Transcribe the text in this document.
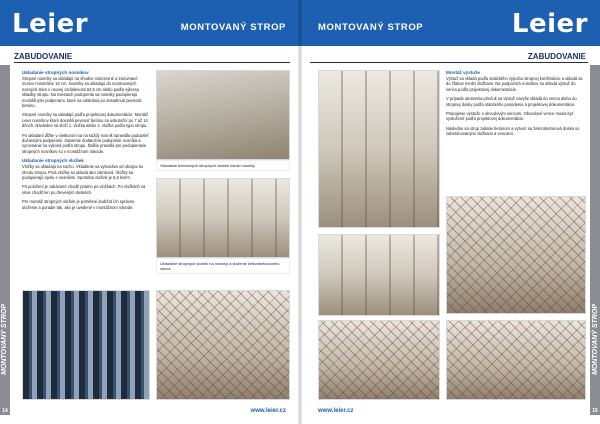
Leier	MONTOVANÝ STROP
ZABUDOVANIE
MONTOVANÝ STROP
14
Ukladanie stropných nosníkov

Stropné nosníky sa ukladajú na vhodne vodorovné a zarovnané murivo minimálne 10 cm. Nosníky sa ukladajú do montovaných nosných stien v osovej vzdialenosti 62,5 cm alebo podľa výkresu skladby stropu. Na miestach podopretia sa nosníky podopierajú montážnymi podperami, ktoré sa odstránia po dosiahnutí pevnosti betónu.

Stropné nosníky sa ukladajú podľa projektovej dokumentácie. Montáž Leier nosníkov ktoré dosiahli pevnosť betónu sa uskutoční po 7 až 14 dňoch. Následne sa vloží 1. vložka alebo 2. vložka podľa typu stropu.

Po ukladaní dĺžke v niektorom sa na každý nosník spravidla podoprieť dočasnými podperami. Zaistenie dodatočné podopretie nosníka a vyrovnanie sa vykoná podľa stropu. Ďalšie pravidlá pre podopieranie stropných nosníkov sú v montážnom návode.

Ukladanie stropných vložiek

Vložky sa ukladajú na sucho. Vkladanie sa vykonáva od okrajov ku stredu stropu. Prvá vložka sa ukladá ako zámková. Vložky sa podopierajú spolu s nosníkmi. Spotreba vložiek je 6,6 ks/m².

Pri položení je zakázané chodiť priamo po vložkách. Po vložkách sa smie chodiť len po dreveným doskách.

Pre montáž stropných vložiek je potrebné dodržať ich správne uloženie a poradie tak, ako je uvedené v montážnom návode.

Vkladanie betónových stropných vložiek medzi nosníky
Ukladanie stropných vložiek na nosníky a vloženie železobetónového venca
www.leier.cz
MONTOVANÝ STROP	Leier
ZABUDOVANIE
MONTOVANÝ STROP
15
Montáž výstuže

Výstuž sa vkladá podľa statického výpočtu stropnej konštrukcie a ukladá sa do žľabov medzi vložkami. Na podporách nosníkov sa ukladá výstuž do venca podľa projektovej dokumentácie.

V prípade ukotvenia priečok sa výstuž navyše vkladá do venca alebo do stropnej dosky podľa statického posúdenia a projektovej dokumentácie.

Prepojenie výstuže s obvodovým vencom. Obvodové vence musia byť vystužené podľa projektovej dokumentácie.

Následne sa strop zaliatie betónom a vytvorí sa železobetónová doska so zabetónovanými vložkami a vencami.

www.leier.cz
